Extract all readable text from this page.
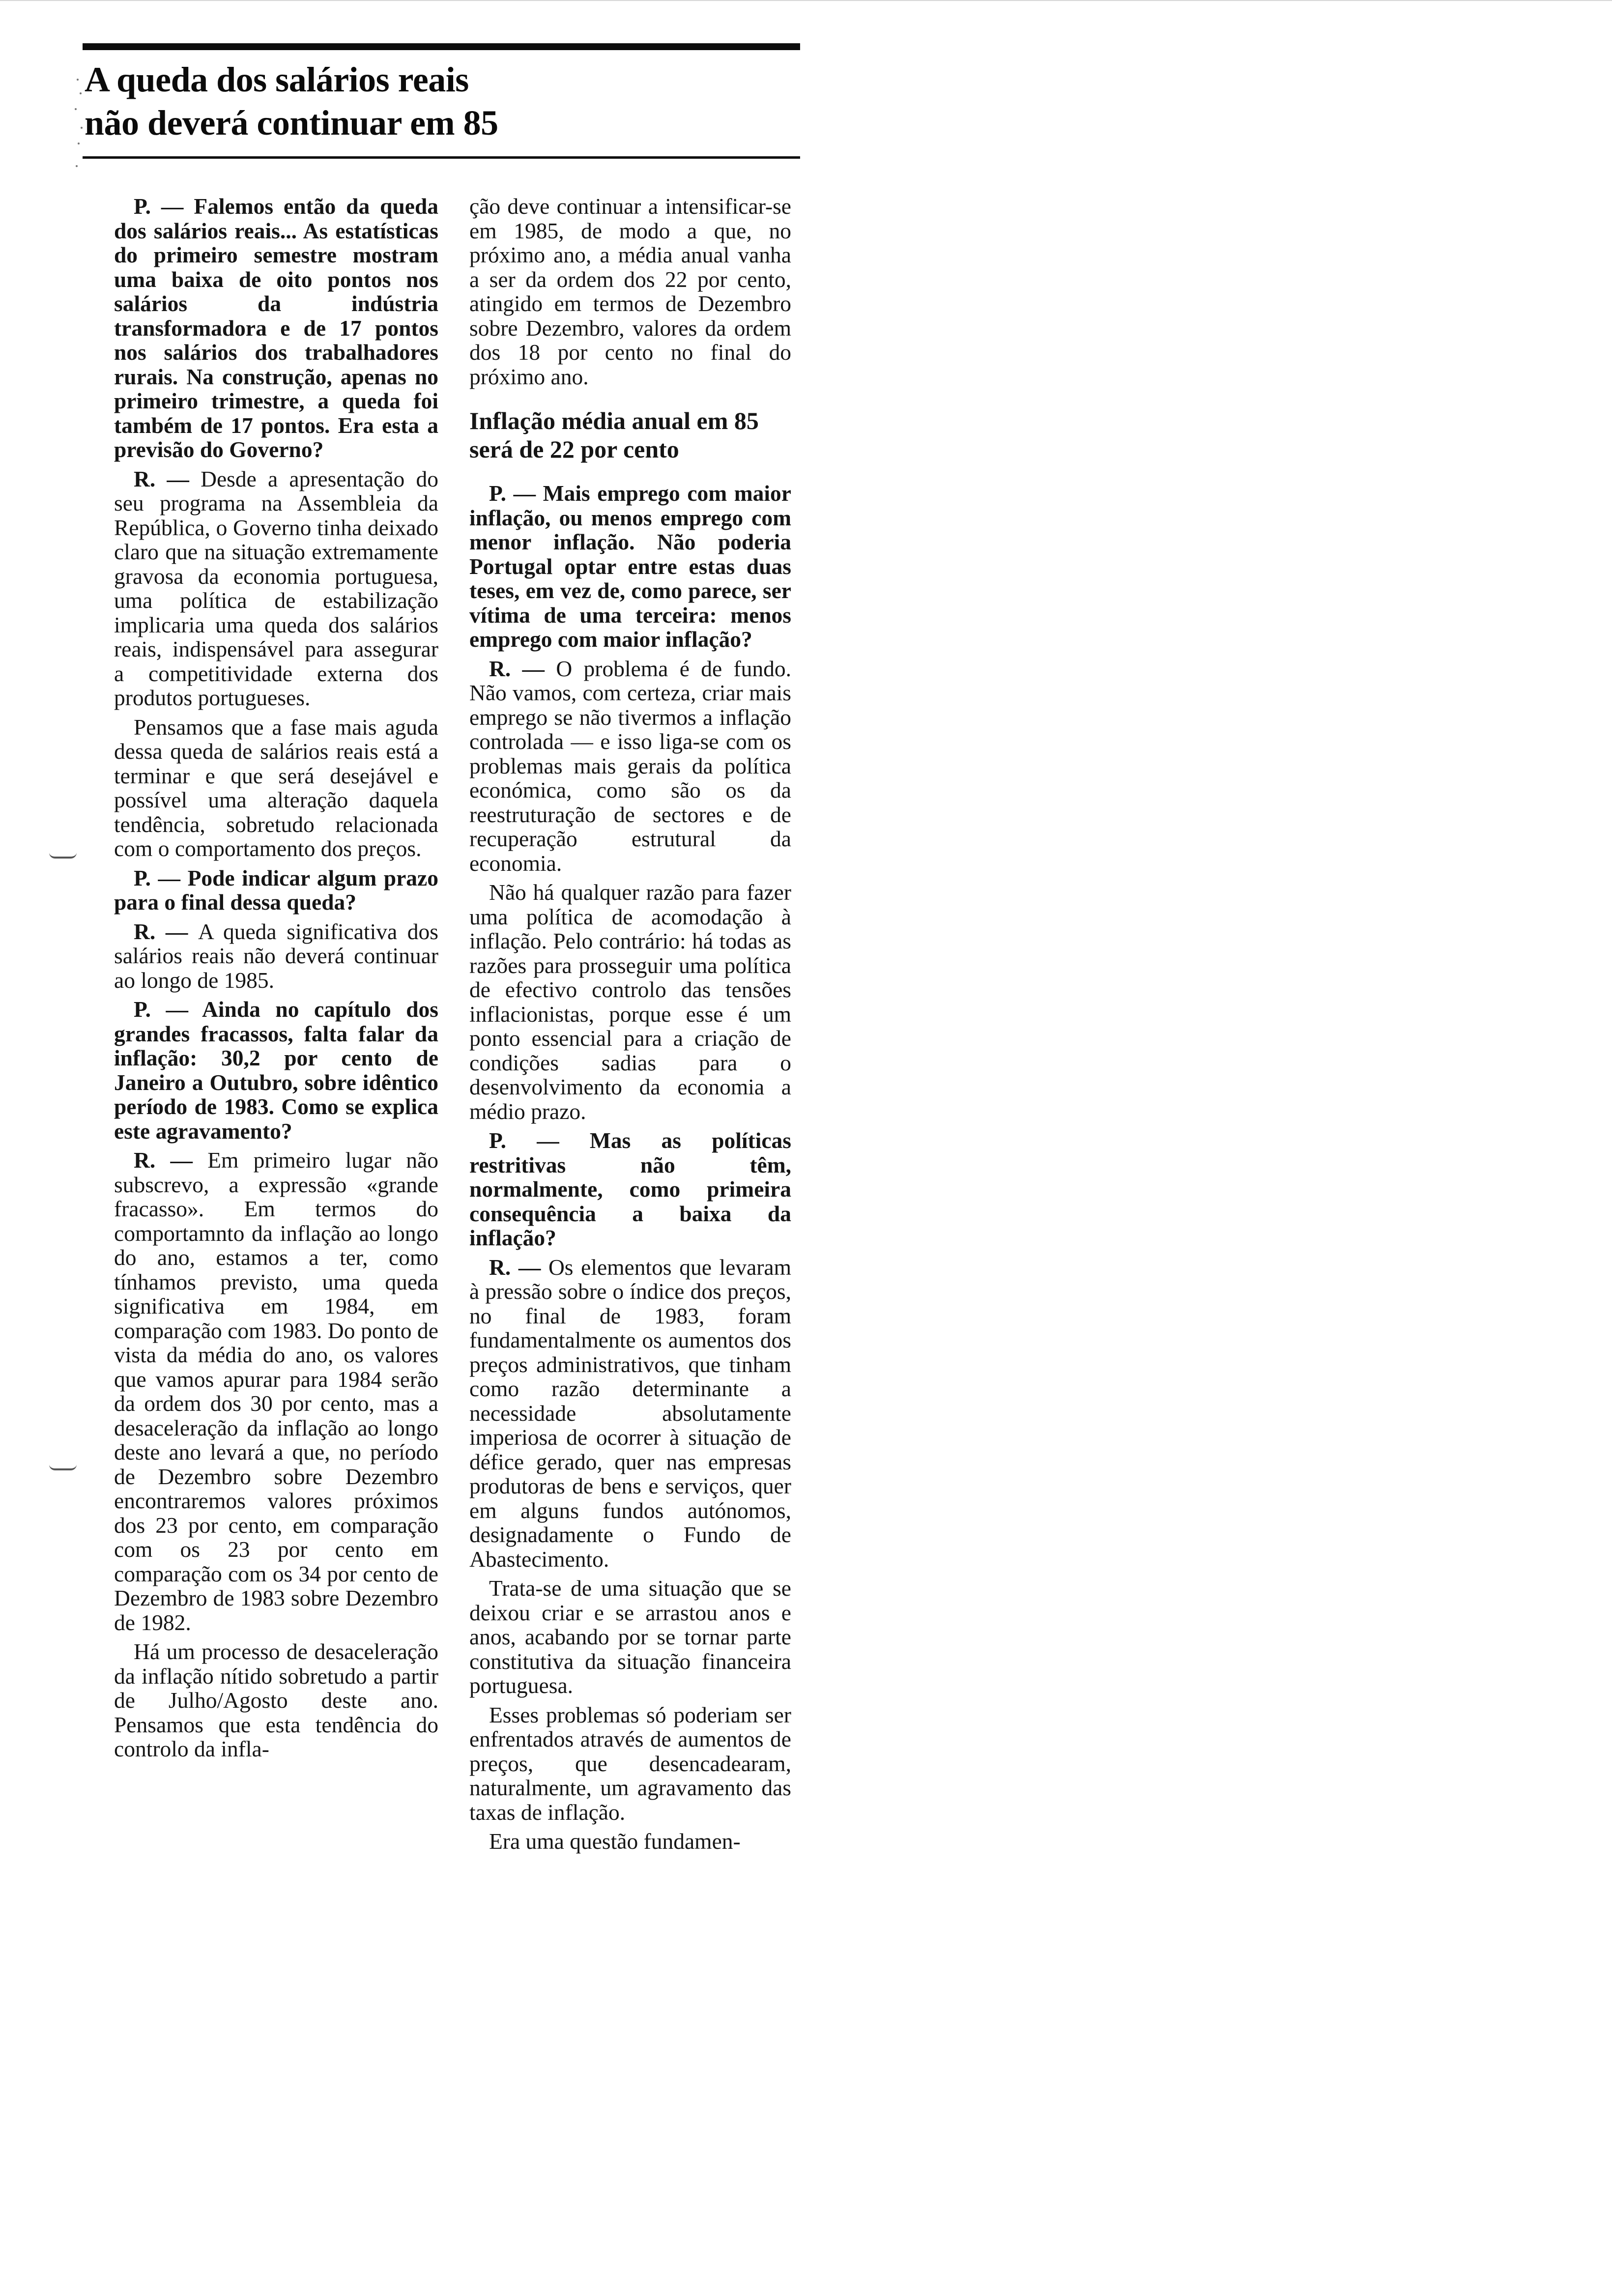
A queda dos salários reais
não deverá continuar em 85

P. — Falemos então da queda dos salários reais... As estatísticas do primeiro semestre mostram uma baixa de oito pontos nos salários da indústria transformadora e de 17 pontos nos salários dos trabalhadores rurais. Na construção, apenas no primeiro trimestre, a queda foi também de 17 pontos. Era esta a previsão do Governo?

R. — Desde a apresentação do seu programa na Assembleia da República, o Governo tinha deixado claro que na situação extremamente gravosa da economia portuguesa, uma política de estabilização implicaria uma queda dos salários reais, indispensável para assegurar a competitividade externa dos produtos portugueses.

Pensamos que a fase mais aguda dessa queda de salários reais está a terminar e que será desejável e possível uma alteração daquela tendência, sobretudo relacionada com o comportamento dos preços.

P. — Pode indicar algum prazo para o final dessa queda?

R. — A queda significativa dos salários reais não deverá continuar ao longo de 1985.

P. — Ainda no capítulo dos grandes fracassos, falta falar da inflação: 30,2 por cento de Janeiro a Outubro, sobre idêntico período de 1983. Como se explica este agravamento?

R. — Em primeiro lugar não subscrevo, a expressão «grande fracasso». Em termos do comportamnto da inflação ao longo do ano, estamos a ter, como tínhamos previsto, uma queda significativa em 1984, em comparação com 1983. Do ponto de vista da média do ano, os valores que vamos apurar para 1984 serão da ordem dos 30 por cento, mas a desaceleração da inflação ao longo deste ano levará a que, no período de Dezembro sobre Dezembro encontraremos valores próximos dos 23 por cento, em comparação com os 23 por cento em comparação com os 34 por cento de Dezembro de 1983 sobre Dezembro de 1982.

Há um processo de desaceleração da inflação nítido sobretudo a partir de Julho/Agosto deste ano. Pensamos que esta tendência do controlo da infla-

ção deve continuar a intensificar-se em 1985, de modo a que, no próximo ano, a média anual vanha a ser da ordem dos 22 por cento, atingido em termos de Dezembro sobre Dezembro, valores da ordem dos 18 por cento no final do próximo ano.

Inflação média anual em 85 será de 22 por cento

P. — Mais emprego com maior inflação, ou menos emprego com menor inflação. Não poderia Portugal optar entre estas duas teses, em vez de, como parece, ser vítima de uma terceira: menos emprego com maior inflação?

R. — O problema é de fundo. Não vamos, com certeza, criar mais emprego se não tivermos a inflação controlada — e isso liga-se com os problemas mais gerais da política económica, como são os da reestruturação de sectores e de recuperação estrutural da economia.

Não há qualquer razão para fazer uma política de acomodação à inflação. Pelo contrário: há todas as razões para prosseguir uma política de efectivo controlo das tensões inflacionistas, porque esse é um ponto essencial para a criação de condições sadias para o desenvolvimento da economia a médio prazo.

P. — Mas as políticas restritivas não têm, normalmente, como primeira consequência a baixa da inflação?

R. — Os elementos que levaram à pressão sobre o índice dos preços, no final de 1983, foram fundamentalmente os aumentos dos preços administrativos, que tinham como razão determinante a necessidade absolutamente imperiosa de ocorrer à situação de défice gerado, quer nas empresas produtoras de bens e serviços, quer em alguns fundos autónomos, designadamente o Fundo de Abastecimento.

Trata-se de uma situação que se deixou criar e se arrastou anos e anos, acabando por se tornar parte constitutiva da situação financeira portuguesa.

Esses problemas só poderiam ser enfrentados através de aumentos de preços, que desencadearam, naturalmente, um agravamento das taxas de inflação.

Era uma questão fundamen-
